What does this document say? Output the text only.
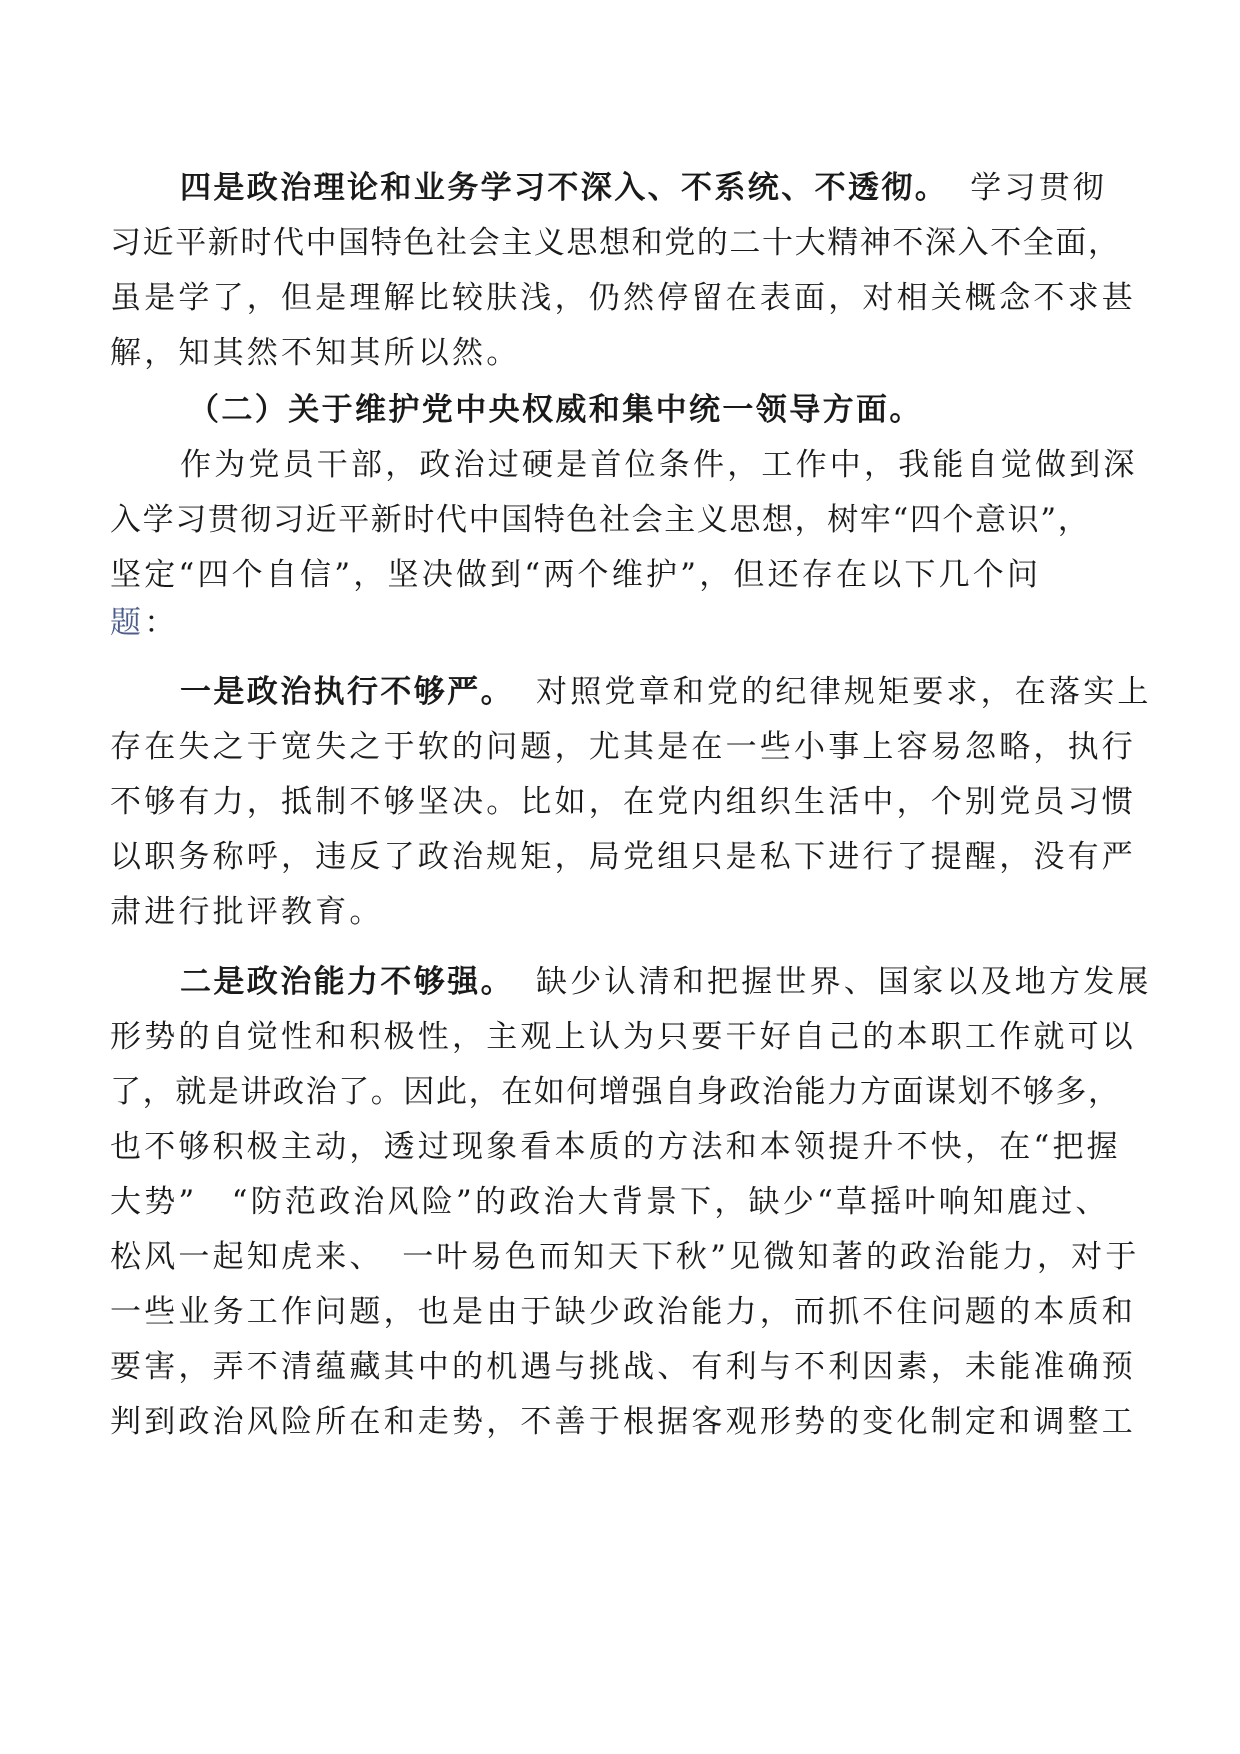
四是政治理论和业务学习不深入、不系统、不透彻。 学习贯彻
习近平新时代中国特色社会主义思想和党的二十大精神不深入不全面，
虽是学了，但是理解比较肤浅，仍然停留在表面，对相关概念不求甚
解，知其然不知其所以然。
（二）关于维护党中央权威和集中统一领导方面。
作为党员干部，政治过硬是首位条件，工作中，我能自觉做到深
入学习贯彻习近平新时代中国特色社会主义思想，树牢“四个意识”，
坚定“四个自信”，坚决做到“两个维护”，但还存在以下几个问
题：
一是政治执行不够严。 对照党章和党的纪律规矩要求，在落实上
存在失之于宽失之于软的问题，尤其是在一些小事上容易忽略，执行
不够有力，抵制不够坚决。比如，在党内组织生活中，个别党员习惯
以职务称呼，违反了政治规矩，局党组只是私下进行了提醒，没有严
肃进行批评教育。
二是政治能力不够强。 缺少认清和把握世界、国家以及地方发展
形势的自觉性和积极性，主观上认为只要干好自己的本职工作就可以
了，就是讲政治了。因此，在如何增强自身政治能力方面谋划不够多，
也不够积极主动，透过现象看本质的方法和本领提升不快，在“把握
大势”　“防范政治风险”的政治大背景下，缺少“草摇叶响知鹿过、
松风一起知虎来、　一叶易色而知天下秋”见微知著的政治能力，对于
一些业务工作问题，也是由于缺少政治能力，而抓不住问题的本质和
要害，弄不清蕴藏其中的机遇与挑战、有利与不利因素，未能准确预
判到政治风险所在和走势，不善于根据客观形势的变化制定和调整工
